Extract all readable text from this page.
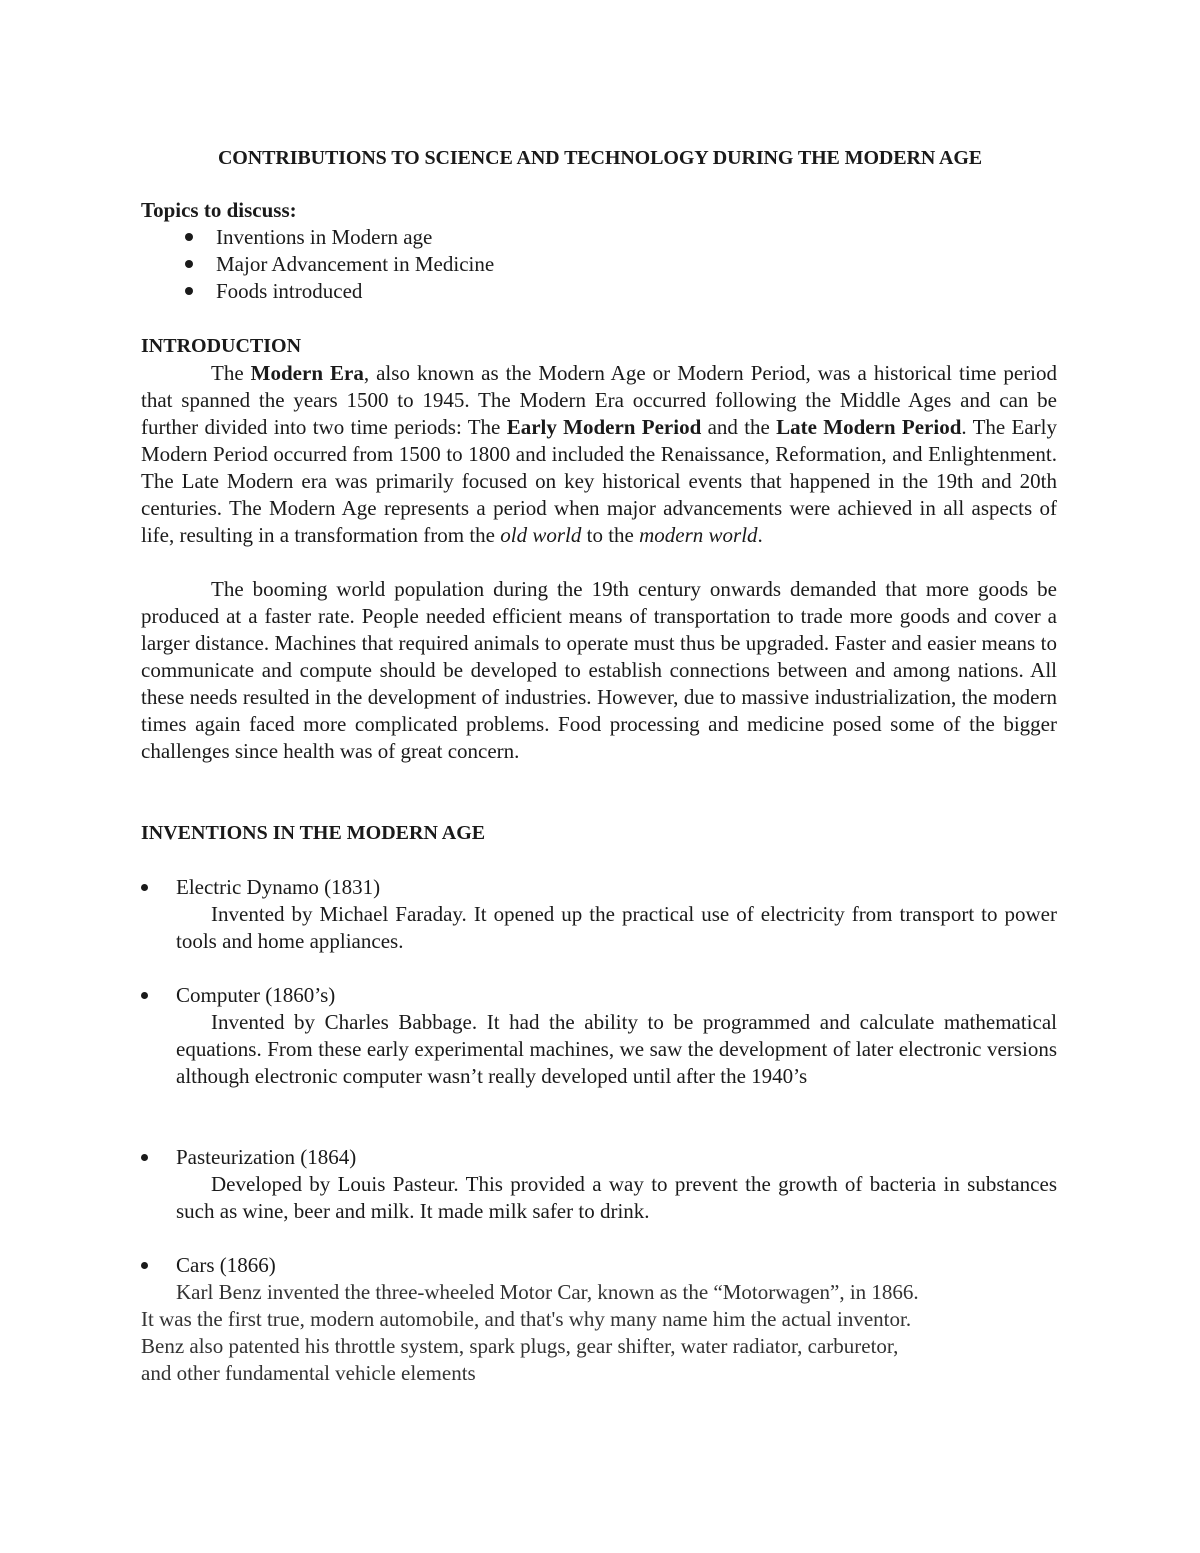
CONTRIBUTIONS TO SCIENCE AND TECHNOLOGY DURING THE MODERN AGE
Topics to discuss:
Inventions in Modern age
Major Advancement in Medicine
Foods introduced
INTRODUCTION

The Modern Era, also known as the Modern Age or Modern Period, was a historical time period that spanned the years 1500 to 1945. The Modern Era occurred following the Middle Ages and can be further divided into two time periods: The Early Modern Period and the Late Modern Period. The Early Modern Period occurred from 1500 to 1800 and included the Renaissance, Reformation, and Enlightenment. The Late Modern era was primarily focused on key historical events that happened in the 19th and 20th centuries. The Modern Age represents a period when major advancements were achieved in all aspects of life, resulting in a transformation from the old world to the modern world.

The booming world population during the 19th century onwards demanded that more goods be produced at a faster rate. People needed efficient means of transportation to trade more goods and cover a larger distance. Machines that required animals to operate must thus be upgraded. Faster and easier means to communicate and compute should be developed to establish connections between and among nations. All these needs resulted in the development of industries. However, due to massive industrialization, the modern times again faced more complicated problems. Food processing and medicine posed some of the bigger challenges since health was of great concern.

INVENTIONS IN THE MODERN AGE
Electric Dynamo (1831)

Invented by Michael Faraday. It opened up the practical use of electricity from transport to power tools and home appliances.

Computer (1860’s)

Invented by Charles Babbage. It had the ability to be programmed and calculate mathematical equations. From these early experimental machines, we saw the development of later electronic versions although electronic computer wasn’t really developed until after the 1940’s

Pasteurization (1864)

Developed by Louis Pasteur. This provided a way to prevent the growth of bacteria in substances such as wine, beer and milk. It made milk safer to drink.

Cars (1866)
Karl Benz invented the three-wheeled Motor Car, known as the “Motorwagen”, in 1866.
It was the first true, modern automobile, and that's why many name him the actual inventor.
Benz also patented his throttle system, spark plugs, gear shifter, water radiator, carburetor,
and other fundamental vehicle elements
